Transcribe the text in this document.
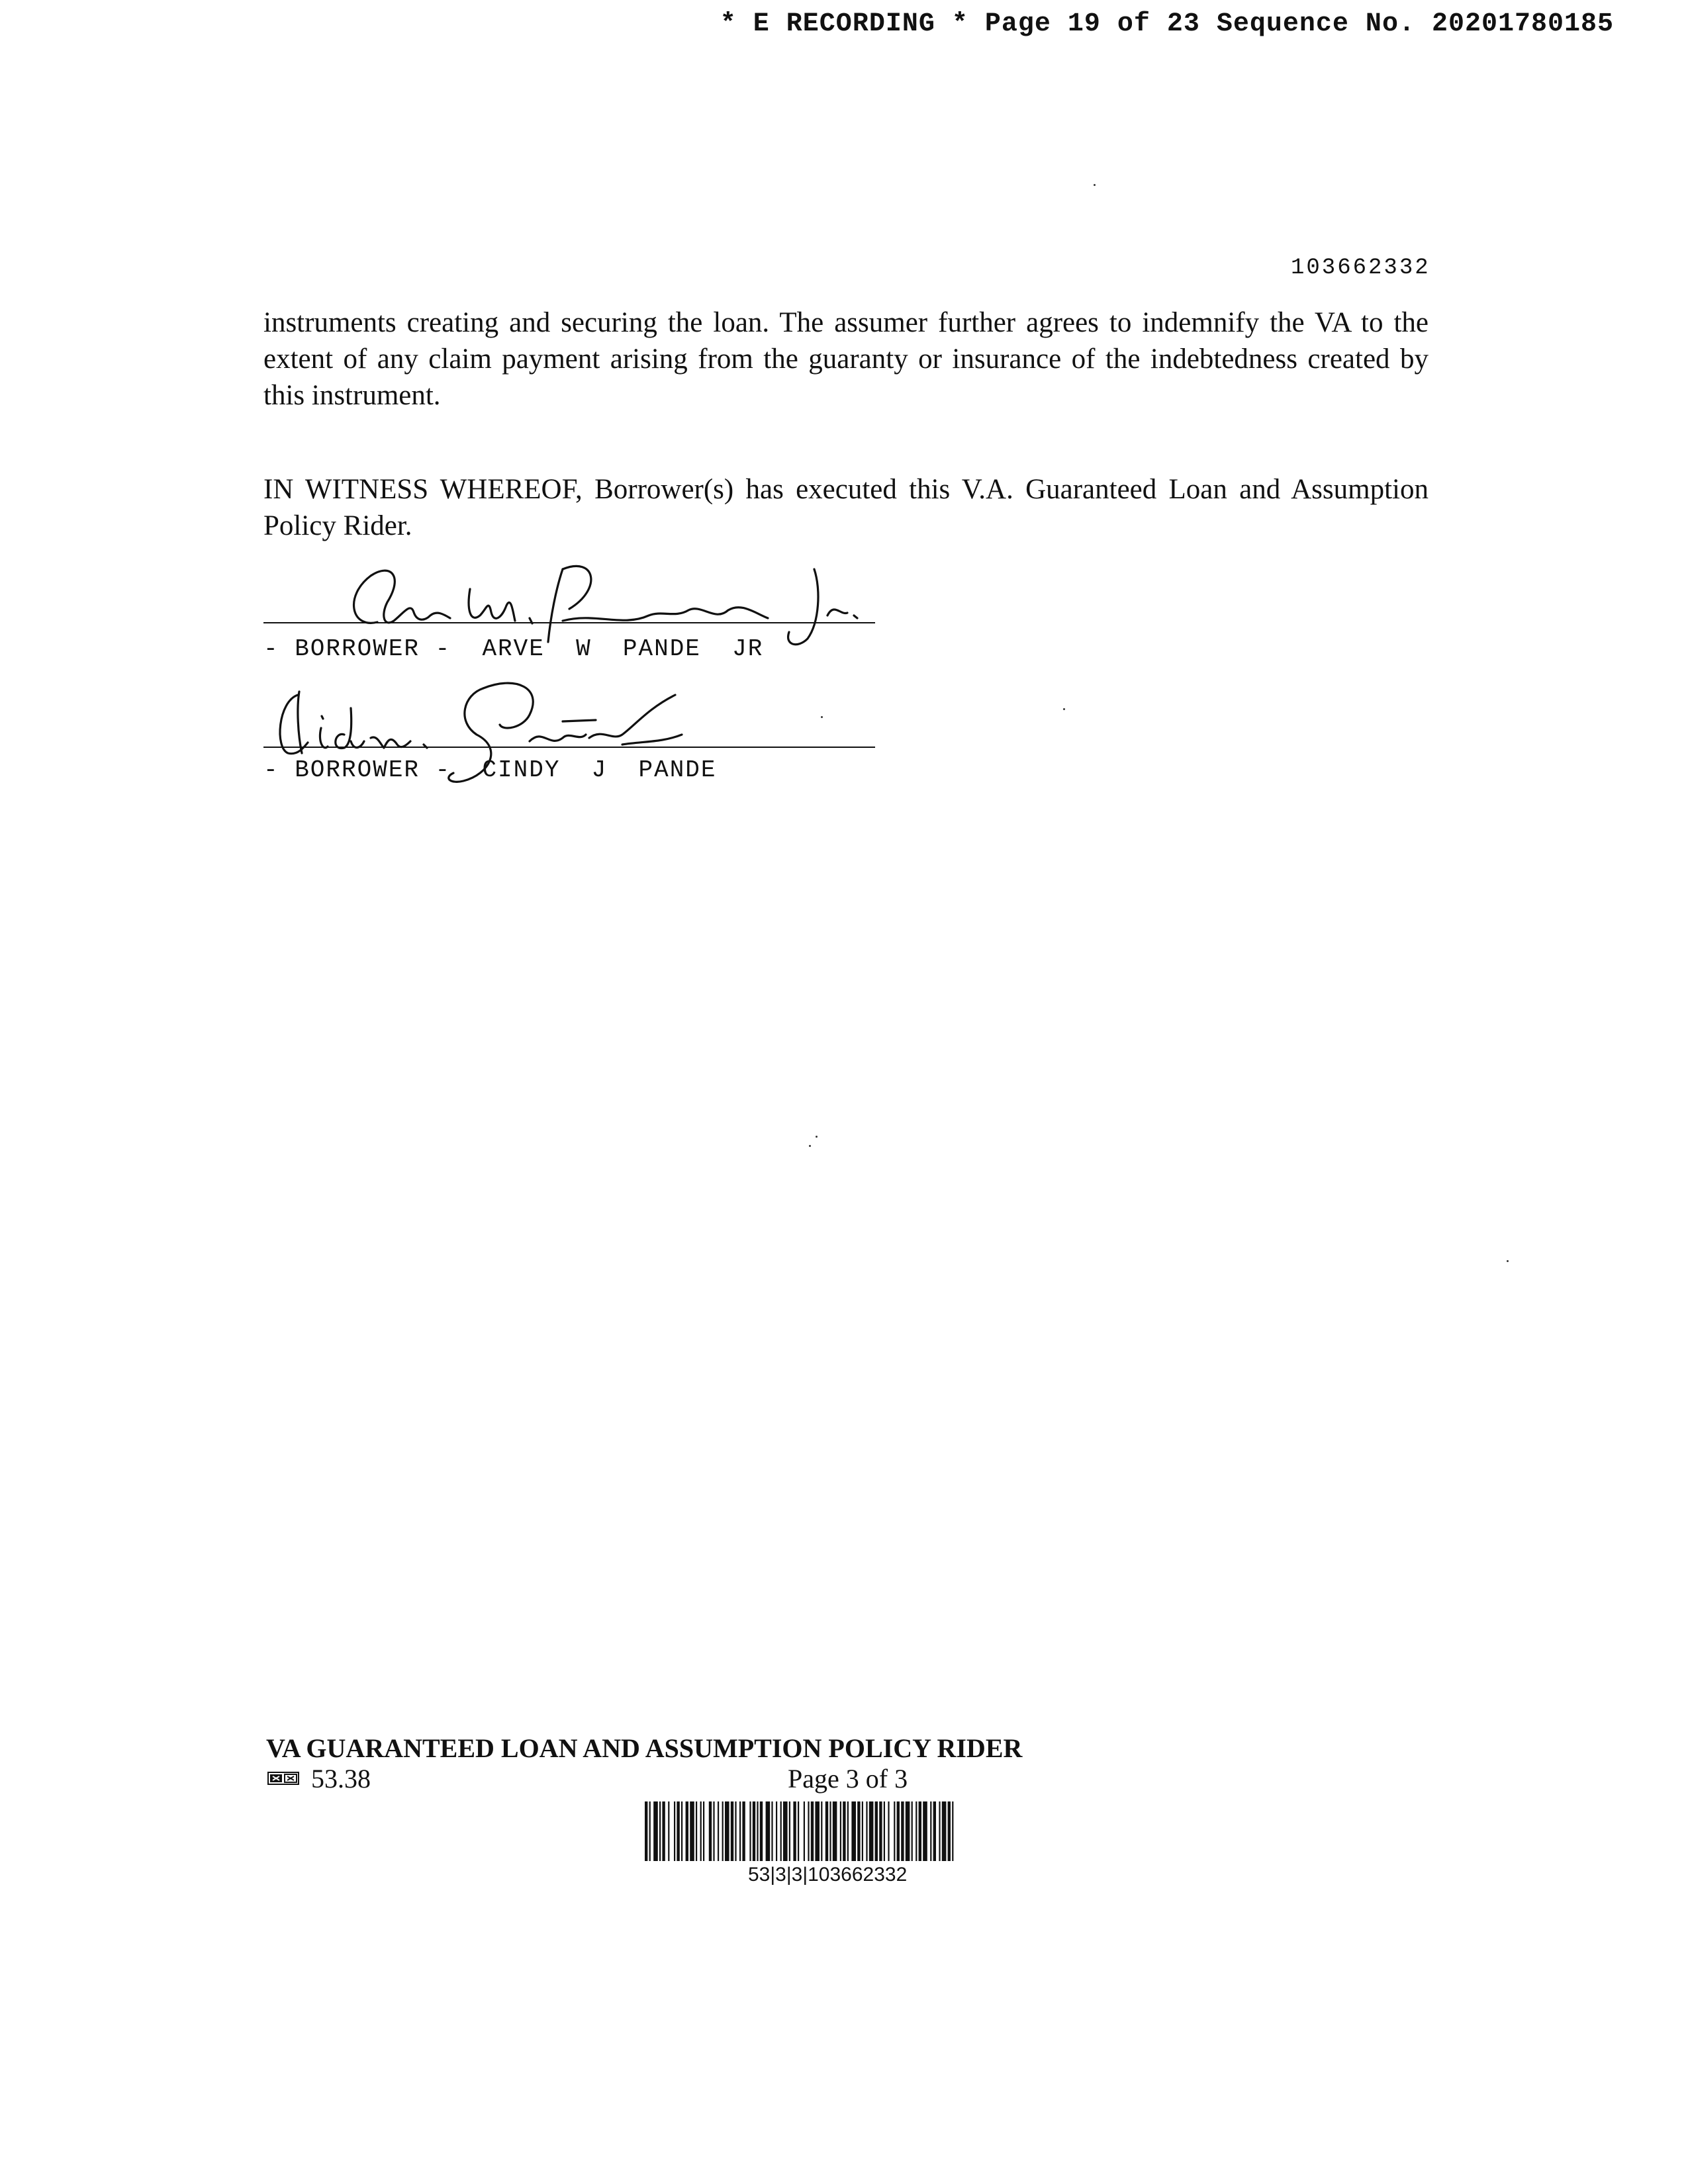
* E RECORDING * Page 19 of 23 Sequence No. 20201780185
103662332
instruments creating and securing the loan. The assumer further agrees to indemnify the VA to the extent of any claim payment arising from the guaranty or insurance of the indebtedness created by this instrument.
IN WITNESS WHEREOF, Borrower(s) has executed this V.A. Guaranteed Loan and Assumption Policy Rider.
- BORROWER -  ARVE  W  PANDE  JR
- BORROWER -  CINDY  J  PANDE
VA GUARANTEED LOAN AND ASSUMPTION POLICY RIDER
53.38	Page 3 of 3
53|3|3|103662332
